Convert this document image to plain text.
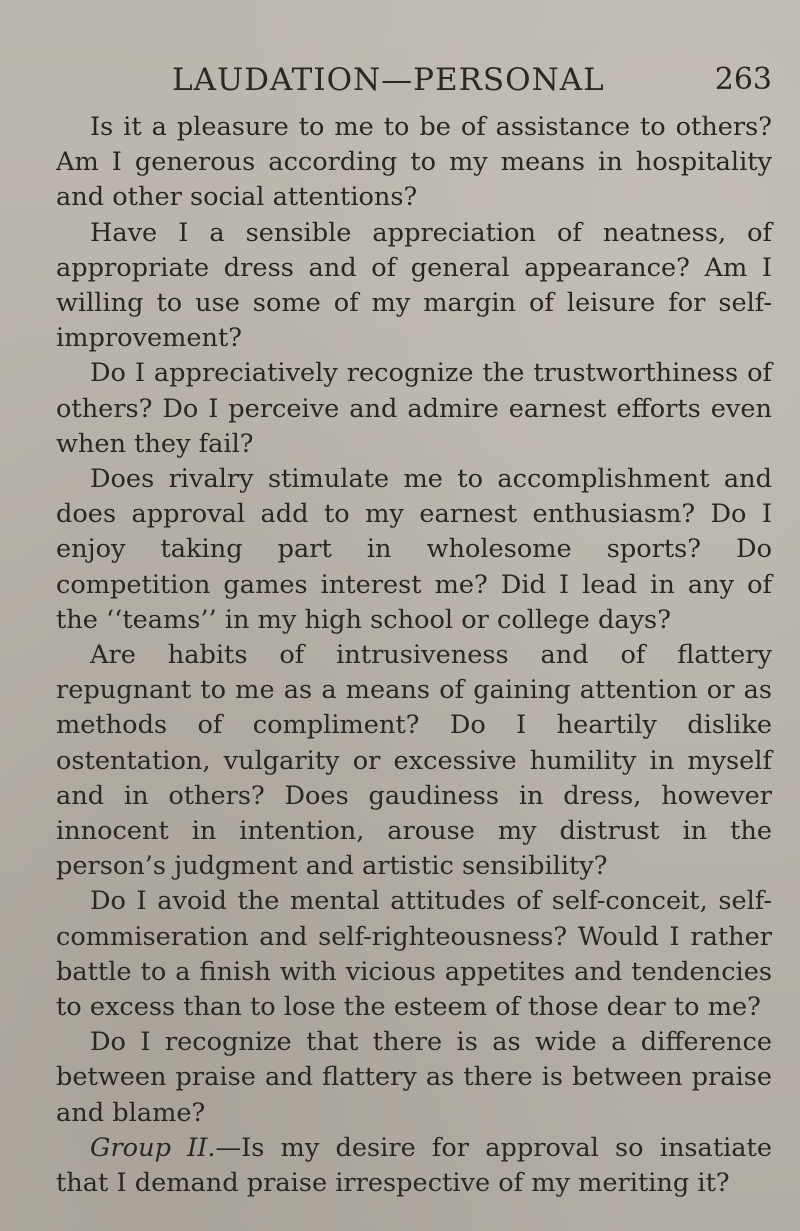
LAUDATION—PERSONAL	263

Is it a pleasure to me to be of assistance to others? Am I generous according to my means in hospitality and other social attentions?

Have I a sensible appreciation of neatness, of appropriate dress and of general appearance? Am I willing to use some of my margin of leisure for self-improvement?

Do I appreciatively recognize the trustworthiness of others? Do I perceive and admire earnest efforts even when they fail?

Does rivalry stimulate me to accomplishment and does approval add to my earnest enthusiasm? Do I enjoy taking part in wholesome sports? Do competition games interest me? Did I lead in any of the ‘‘teams’’ in my high school or college days?

Are habits of intrusiveness and of flattery repugnant to me as a means of gaining attention or as methods of compliment? Do I heartily dislike ostentation, vulgarity or excessive humility in myself and in others? Does gaudiness in dress, however innocent in intention, arouse my distrust in the person’s judgment and artistic sensibility?

Do I avoid the mental attitudes of self-conceit, self-commiseration and self-righteousness? Would I rather battle to a finish with vicious appetites and tendencies to excess than to lose the esteem of those dear to me?

Do I recognize that there is as wide a difference between praise and flattery as there is between praise and blame?

Group II.—Is my desire for approval so insatiate that I demand praise irrespective of my meriting it?
